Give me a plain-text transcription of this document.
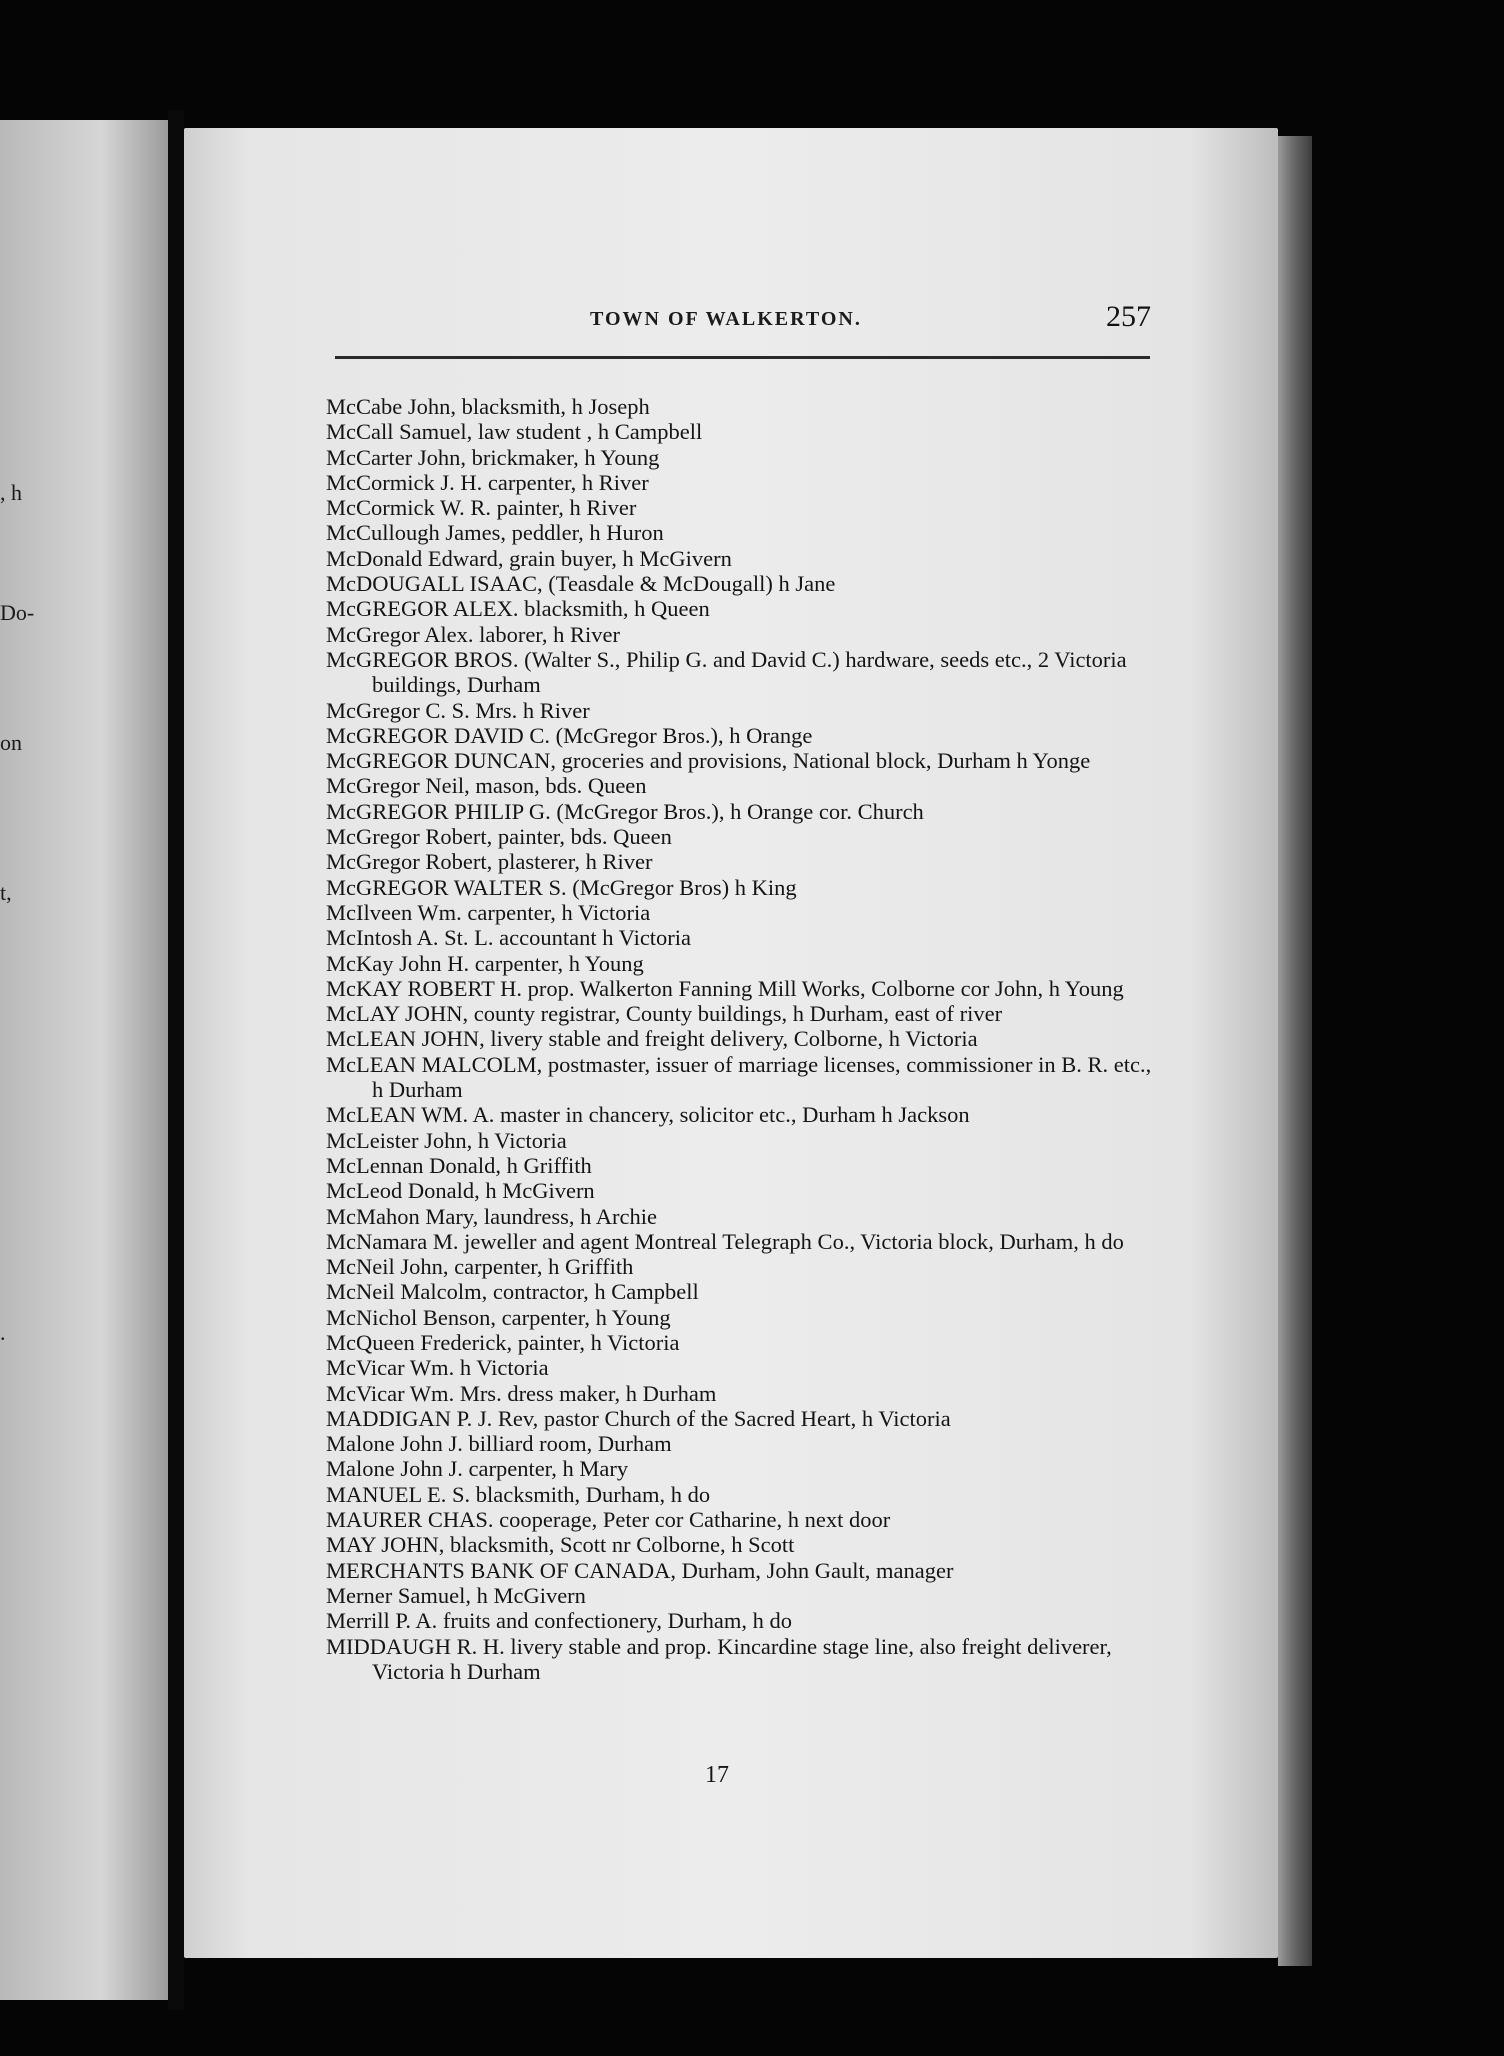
, h
Do-
on
t,
.
TOWN OF WALKERTON.	257

McCabe John, blacksmith, h Joseph

McCall Samuel, law student , h Campbell

McCarter John, brickmaker, h Young

McCormick J. H. carpenter, h River

McCormick W. R. painter, h River

McCullough James, peddler, h Huron

McDonald Edward, grain buyer, h McGivern

McDOUGALL ISAAC, (Teasdale & McDougall) h Jane

McGREGOR ALEX. blacksmith, h Queen

McGregor Alex. laborer, h River

McGREGOR BROS. (Walter S., Philip G. and David C.) hardware, seeds etc., 2 Victoria buildings, Durham

McGregor C. S. Mrs. h River

McGREGOR DAVID C. (McGregor Bros.), h Orange

McGREGOR DUNCAN, groceries and provisions, National block, Durham h Yonge

McGregor Neil, mason, bds. Queen

McGREGOR PHILIP G. (McGregor Bros.), h Orange cor. Church

McGregor Robert, painter, bds. Queen

McGregor Robert, plasterer, h River

McGREGOR WALTER S. (McGregor Bros) h King

McIlveen Wm. carpenter, h Victoria

McIntosh A. St. L. accountant h Victoria

McKay John H. carpenter, h Young

McKAY ROBERT H. prop. Walkerton Fanning Mill Works, Colborne cor John, h Young

McLAY JOHN, county registrar, County buildings, h Durham, east of river

McLEAN JOHN, livery stable and freight delivery, Colborne, h Victoria

McLEAN MALCOLM, postmaster, issuer of marriage licenses, commissioner in B. R. etc., h Durham

McLEAN WM. A. master in chancery, solicitor etc., Durham h Jackson

McLeister John, h Victoria

McLennan Donald, h Griffith

McLeod Donald, h McGivern

McMahon Mary, laundress, h Archie

McNamara M. jeweller and agent Montreal Telegraph Co., Victoria block, Durham, h do

McNeil John, carpenter, h Griffith

McNeil Malcolm, contractor, h Campbell

McNichol Benson, carpenter, h Young

McQueen Frederick, painter, h Victoria

McVicar Wm. h Victoria

McVicar Wm. Mrs. dress maker, h Durham

MADDIGAN P. J. Rev, pastor Church of the Sacred Heart, h Victoria

Malone John J. billiard room, Durham

Malone John J. carpenter, h Mary

MANUEL E. S. blacksmith, Durham, h do

MAURER CHAS. cooperage, Peter cor Catharine, h next door

MAY JOHN, blacksmith, Scott nr Colborne, h Scott

MERCHANTS BANK OF CANADA, Durham, John Gault, manager

Merner Samuel, h McGivern

Merrill P. A. fruits and confectionery, Durham, h do

MIDDAUGH R. H. livery stable and prop. Kincardine stage line, also freight deliverer, Victoria h Durham

17
